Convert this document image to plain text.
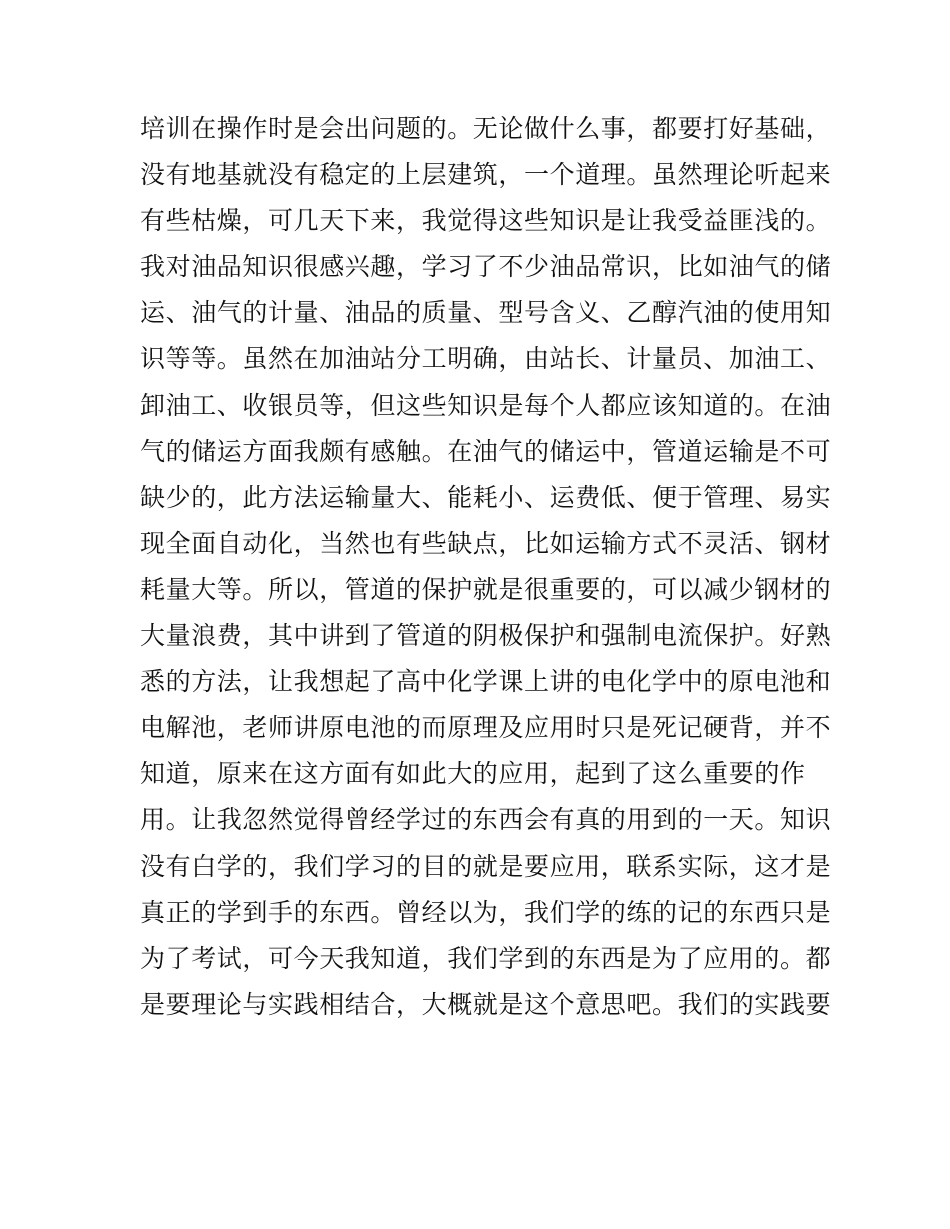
培训在操作时是会出问题的。无论做什么事，都要打好基础，
没有地基就没有稳定的上层建筑，一个道理。虽然理论听起来
有些枯燥，可几天下来，我觉得这些知识是让我受益匪浅的。
我对油品知识很感兴趣，学习了不少油品常识，比如油气的储
运、油气的计量、油品的质量、型号含义、乙醇汽油的使用知
识等等。虽然在加油站分工明确，由站长、计量员、加油工、
卸油工、收银员等，但这些知识是每个人都应该知道的。在油
气的储运方面我颇有感触。在油气的储运中，管道运输是不可
缺少的，此方法运输量大、能耗小、运费低、便于管理、易实
现全面自动化，当然也有些缺点，比如运输方式不灵活、钢材
耗量大等。所以，管道的保护就是很重要的，可以减少钢材的
大量浪费，其中讲到了管道的阴极保护和强制电流保护。好熟
悉的方法，让我想起了高中化学课上讲的电化学中的原电池和
电解池，老师讲原电池的而原理及应用时只是死记硬背，并不
知道，原来在这方面有如此大的应用，起到了这么重要的作
用。让我忽然觉得曾经学过的东西会有真的用到的一天。知识
没有白学的，我们学习的目的就是要应用，联系实际，这才是
真正的学到手的东西。曾经以为，我们学的练的记的东西只是
为了考试，可今天我知道，我们学到的东西是为了应用的。都
是要理论与实践相结合，大概就是这个意思吧。我们的实践要
